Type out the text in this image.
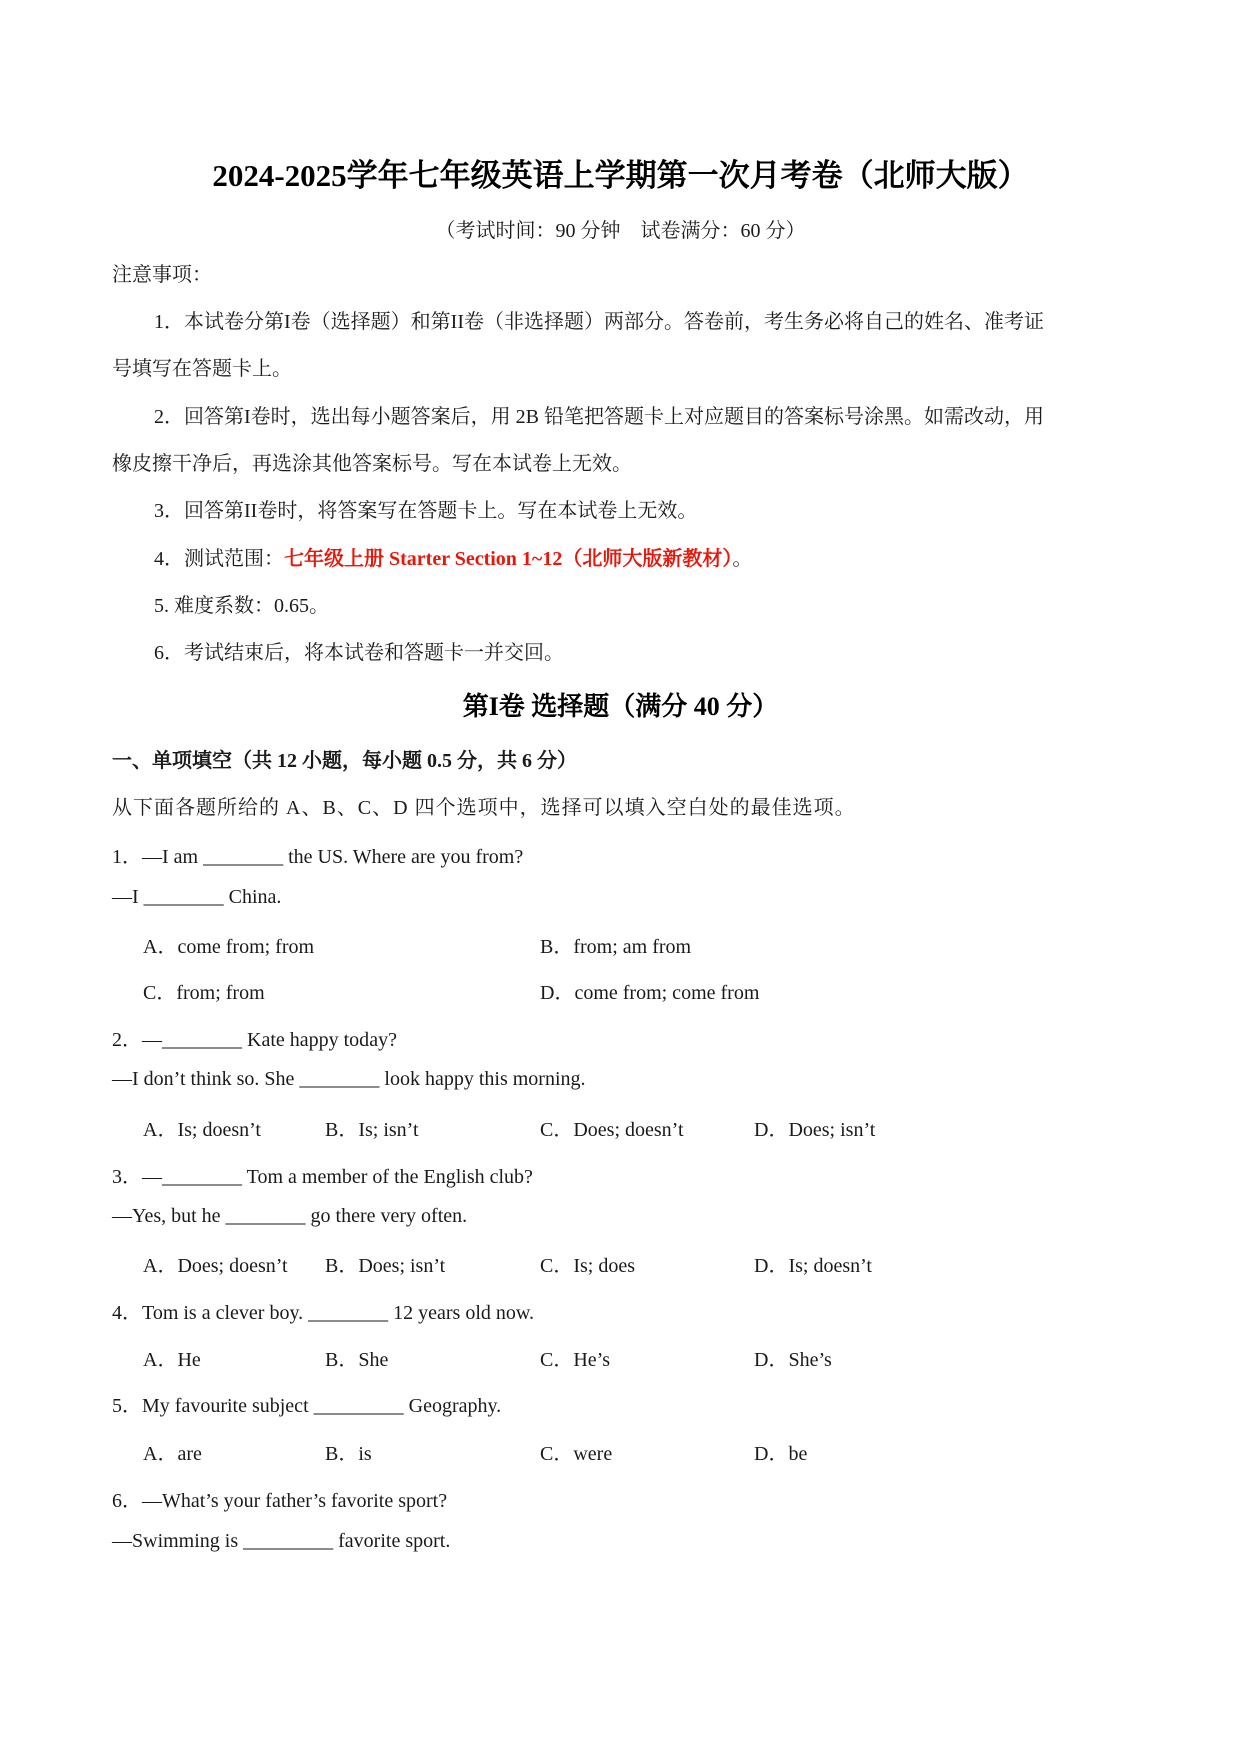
2024-2025学年七年级英语上学期第一次月考卷（北师大版）
（考试时间：90 分钟　试卷满分：60 分）
注意事项：
1．本试卷分第I卷（选择题）和第II卷（非选择题）两部分。答卷前，考生务必将自己的姓名、准考证
号填写在答题卡上。
2．回答第I卷时，选出每小题答案后，用 2B 铅笔把答题卡上对应题目的答案标号涂黑。如需改动，用
橡皮擦干净后，再选涂其他答案标号。写在本试卷上无效。
3．回答第II卷时，将答案写在答题卡上。写在本试卷上无效。
4．测试范围：七年级上册 Starter Section 1~12（北师大版新教材）。
5. 难度系数：0.65。
6．考试结束后，将本试卷和答题卡一并交回。
第I卷 选择题（满分 40 分）
一、单项填空（共 12 小题，每小题 0.5 分，共 6 分）
从下面各题所给的 A、B、C、D 四个选项中，选择可以填入空白处的最佳选项。
1．—I am ________ the US. Where are you from?
—I ________ China.
A．come from; from	B．from; am from
C．from; from	D．come from; come from
2．—________ Kate happy today?
—I don’t think so. She ________ look happy this morning.
A．Is; doesn’t	B．Is; isn’t	C．Does; doesn’t	D．Does; isn’t
3．—________ Tom a member of the English club?
—Yes, but he ________ go there very often.
A．Does; doesn’t B．Does; isn’t	C．Is; does	D．Is; doesn’t
4．Tom is a clever boy. ________ 12 years old now.
A．He	B．She	C．He’s	D．She’s
5．My favourite subject _________ Geography.
A．are	B．is	C．were	D．be
6．—What’s your father’s favorite sport?
—Swimming is _________ favorite sport.
